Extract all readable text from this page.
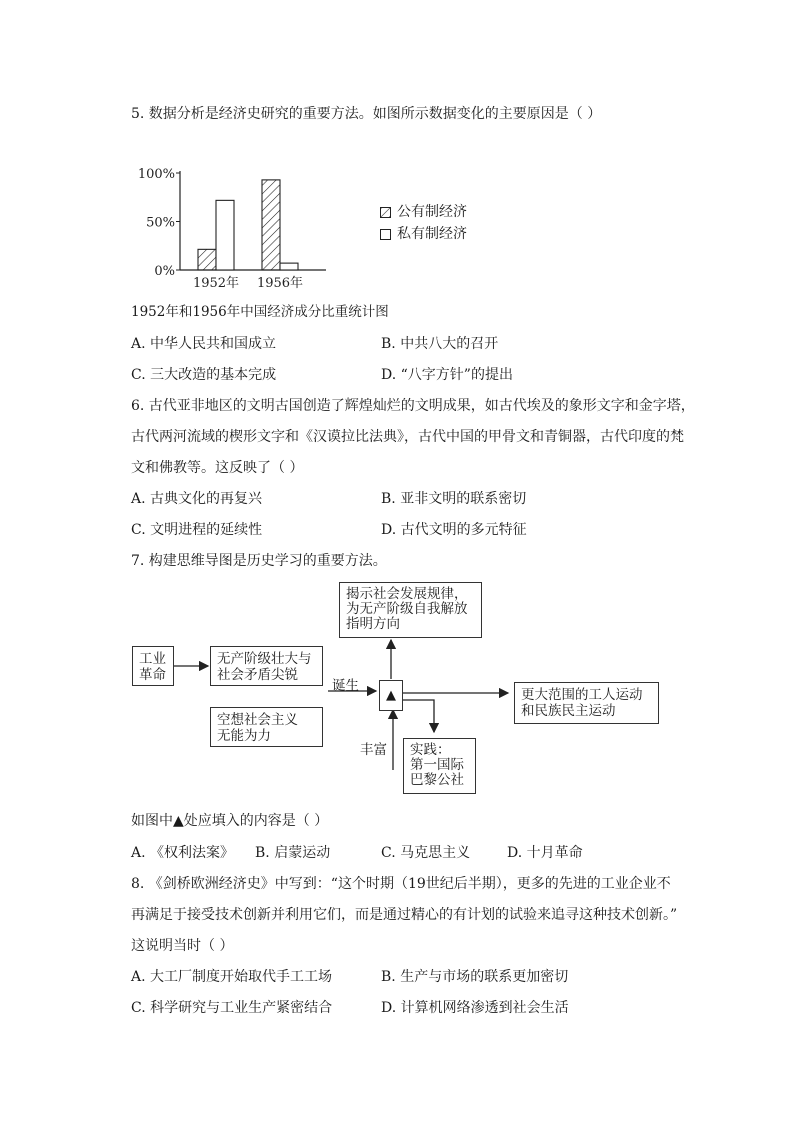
5. 数据分析是经济史研究的重要方法。如图所示数据变化的主要原因是（ ）
100%
50%
0%
1952年 1956年
公有制经济
私有制经济
1952年和1956年中国经济成分比重统计图
A. 中华人民共和国成立	B. 中共八大的召开
C. 三大改造的基本完成	D. “八字方针”的提出
6. 古代亚非地区的文明古国创造了辉煌灿烂的文明成果，如古代埃及的象形文字和金字塔，
古代两河流域的楔形文字和《汉谟拉比法典》，古代中国的甲骨文和青铜器，古代印度的梵
文和佛教等。这反映了（ ）
A. 古典文化的再复兴	B. 亚非文明的联系密切
C. 文明进程的延续性	D. 古代文明的多元特征
7. 构建思维导图是历史学习的重要方法。
揭示社会发展规律，
为无产阶级自我解放
指明方向
工业
革命
无产阶级壮大与
社会矛盾尖锐
空想社会主义
无能为力
诞生
▲
丰富
更大范围的工人运动
和民族民主运动
实践：
第一国际
巴黎公社
如图中▲处应填入的内容是（ ）
A. 《权利法案》 B. 启蒙运动	C. 马克思主义	D. 十月革命
8. 《剑桥欧洲经济史》中写到：“这个时期（19世纪后半期），更多的先进的工业企业不
再满足于接受技术创新并利用它们，而是通过精心的有计划的试验来追寻这种技术创新。”
这说明当时（ ）
A. 大工厂制度开始取代手工工场	B. 生产与市场的联系更加密切
C. 科学研究与工业生产紧密结合	D. 计算机网络渗透到社会生活
